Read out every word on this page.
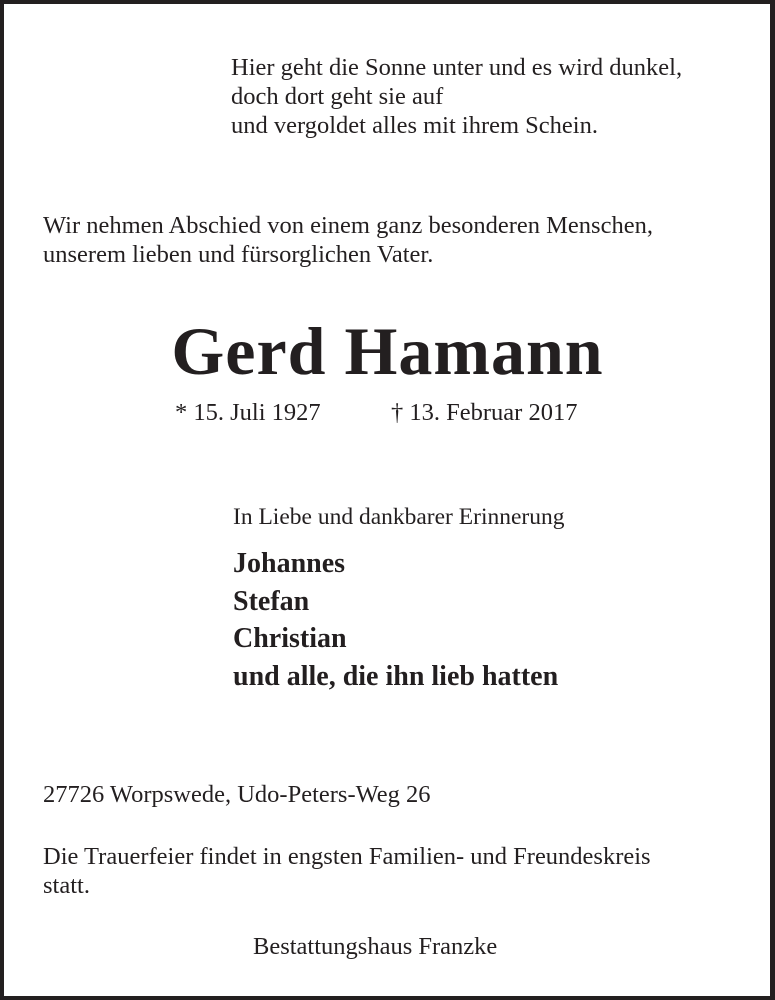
Hier geht die Sonne unter und es wird dunkel,
doch dort geht sie auf
und vergoldet alles mit ihrem Schein.
Wir nehmen Abschied von einem ganz besonderen Menschen,
unserem lieben und fürsorglichen Vater.
Gerd Hamann
* 15. Juli 1927	† 13. Februar 2017
In Liebe und dankbarer Erinnerung
Johannes
Stefan
Christian
und alle, die ihn lieb hatten
27726 Worpswede, Udo-Peters-Weg 26
Die Trauerfeier findet in engsten Familien- und Freundeskreis
statt.
Bestattungshaus Franzke
